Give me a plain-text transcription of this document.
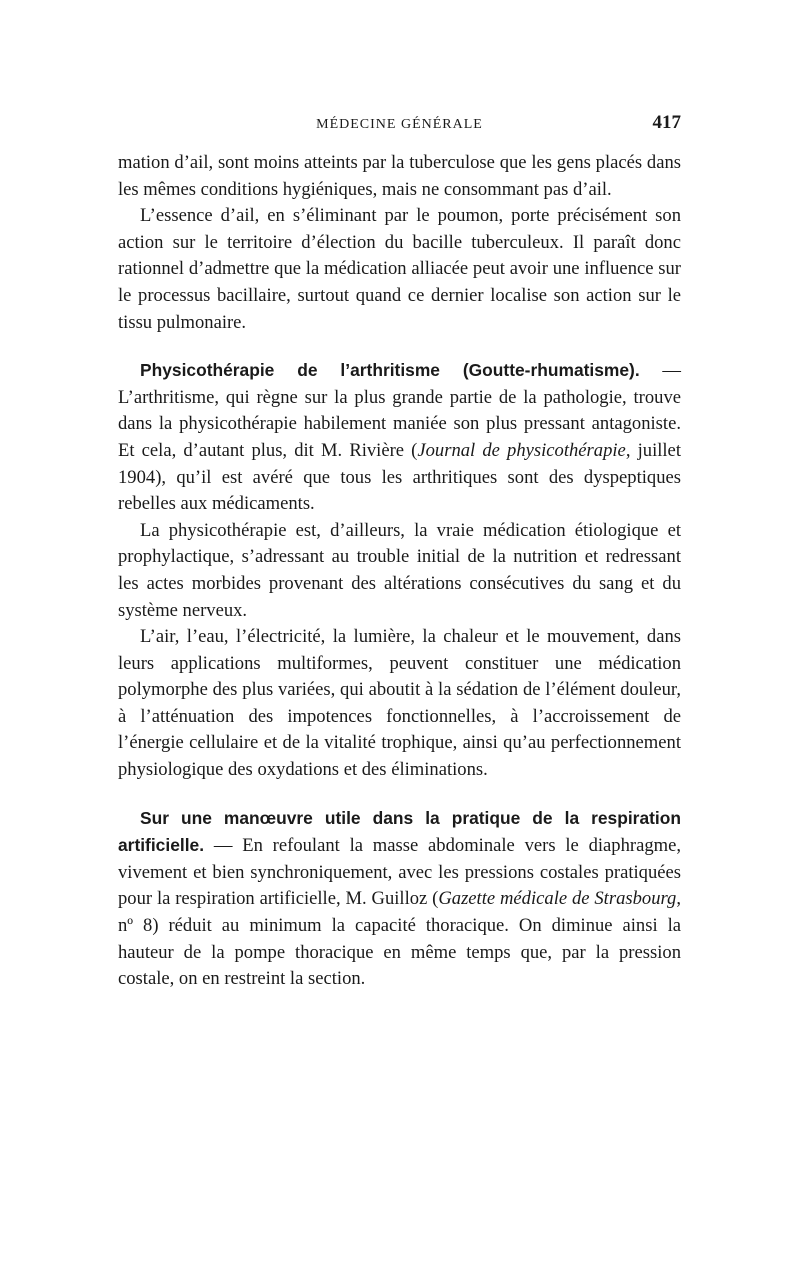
MÉDECINE GÉNÉRALE	417

mation d’ail, sont moins atteints par la tuberculose que les gens placés dans les mêmes conditions hygiéniques, mais ne consommant pas d’ail.

L’essence d’ail, en s’éliminant par le poumon, porte précisément son action sur le territoire d’élection du bacille tuberculeux. Il paraît donc rationnel d’admettre que la médication alliacée peut avoir une influence sur le processus bacillaire, surtout quand ce dernier localise son action sur le tissu pulmonaire.

Physicothérapie de l’arthritisme (Goutte-rhumatisme). — L’arthritisme, qui règne sur la plus grande partie de la pathologie, trouve dans la physicothérapie habilement maniée son plus pressant antagoniste. Et cela, d’autant plus, dit M. Rivière (Journal de physicothérapie, juillet 1904), qu’il est avéré que tous les arthritiques sont des dyspeptiques rebelles aux médicaments.

La physicothérapie est, d’ailleurs, la vraie médication étiologique et prophylactique, s’adressant au trouble initial de la nutrition et redressant les actes morbides provenant des altérations consécutives du sang et du système nerveux.

L’air, l’eau, l’électricité, la lumière, la chaleur et le mouvement, dans leurs applications multiformes, peuvent constituer une médication polymorphe des plus variées, qui aboutit à la sédation de l’élément douleur, à l’atténuation des impotences fonctionnelles, à l’accroissement de l’énergie cellulaire et de la vitalité trophique, ainsi qu’au perfectionnement physiologique des oxydations et des éliminations.

Sur une manœuvre utile dans la pratique de la respiration artificielle. — En refoulant la masse abdominale vers le diaphragme, vivement et bien synchroniquement, avec les pressions costales pratiquées pour la respiration artificielle, M. Guilloz (Gazette médicale de Strasbourg, nº 8) réduit au minimum la capacité thoracique. On diminue ainsi la hauteur de la pompe thoracique en même temps que, par la pression costale, on en restreint la section.
